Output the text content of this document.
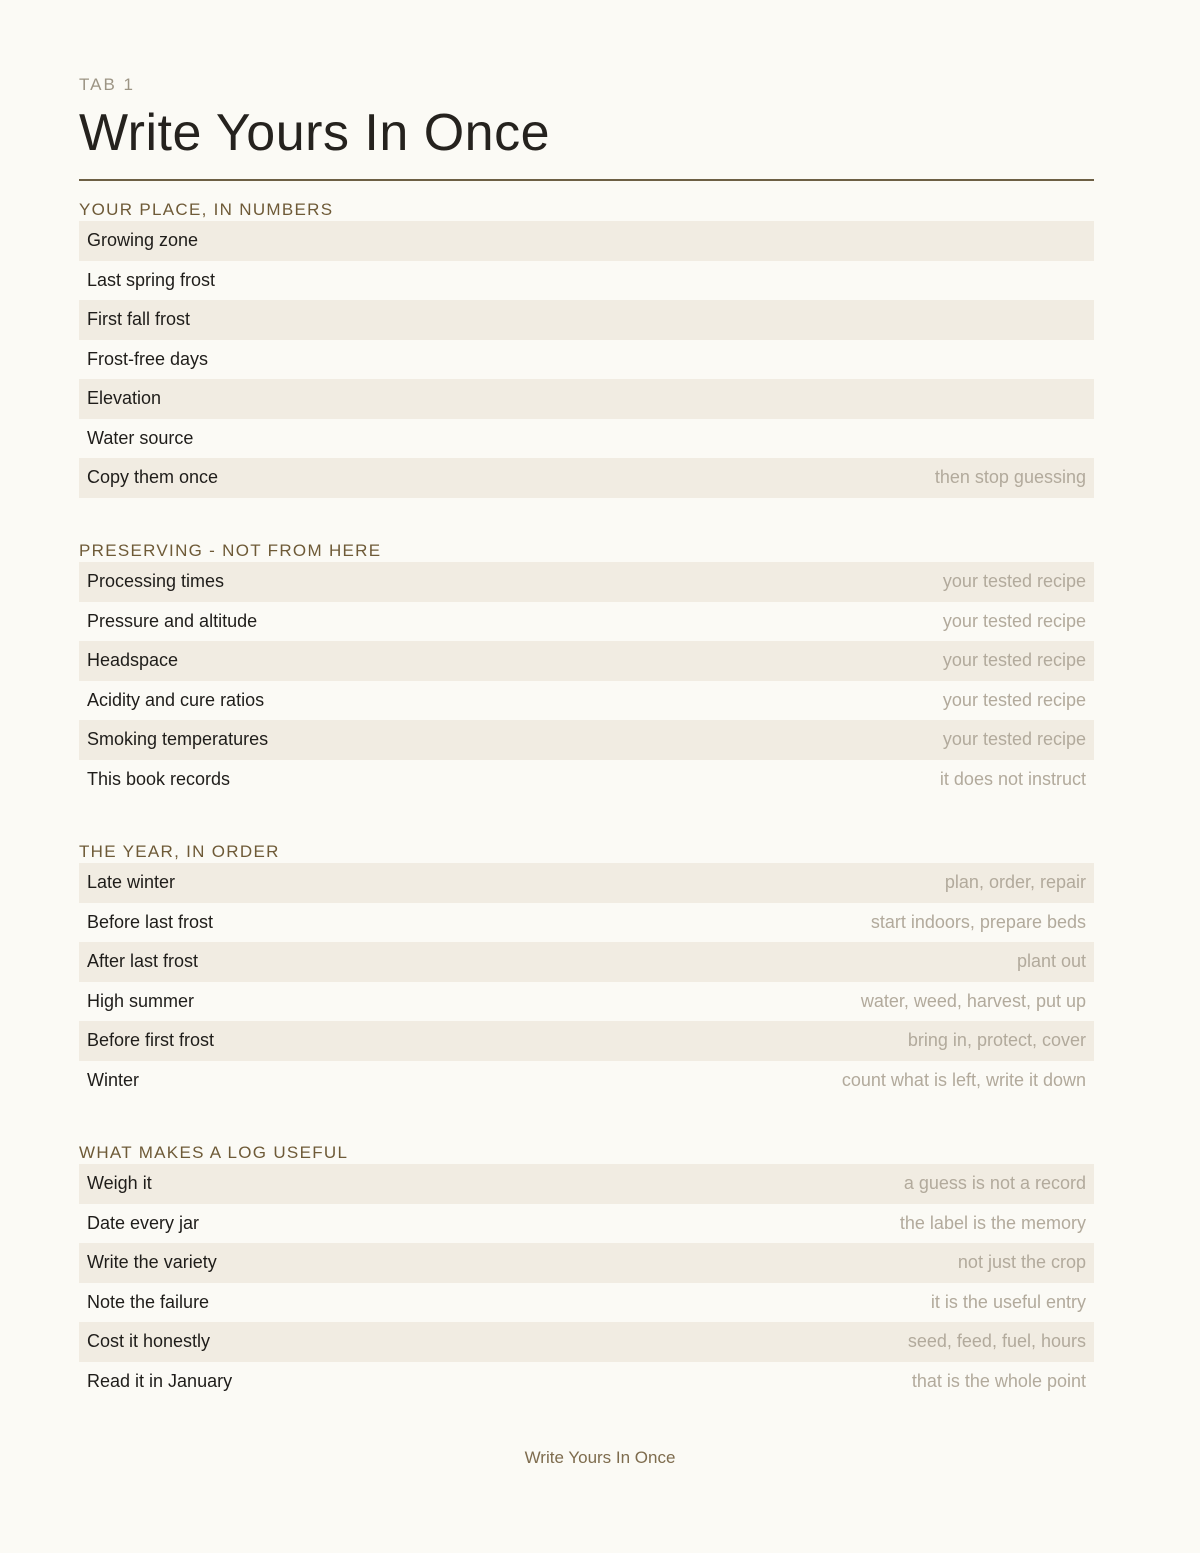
TAB 1
Write Yours In Once
YOUR PLACE, IN NUMBERS
Growing zone
Last spring frost
First fall frost
Frost-free days
Elevation
Water source
Copy them once	then stop guessing
PRESERVING - NOT FROM HERE
Processing times	your tested recipe
Pressure and altitude	your tested recipe
Headspace	your tested recipe
Acidity and cure ratios	your tested recipe
Smoking temperatures	your tested recipe
This book records	it does not instruct
THE YEAR, IN ORDER
Late winter	plan, order, repair
Before last frost	start indoors, prepare beds
After last frost	plant out
High summer	water, weed, harvest, put up
Before first frost	bring in, protect, cover
Winter	count what is left, write it down
WHAT MAKES A LOG USEFUL
Weigh it	a guess is not a record
Date every jar	the label is the memory
Write the variety	not just the crop
Note the failure	it is the useful entry
Cost it honestly	seed, feed, fuel, hours
Read it in January	that is the whole point
Write Yours In Once
